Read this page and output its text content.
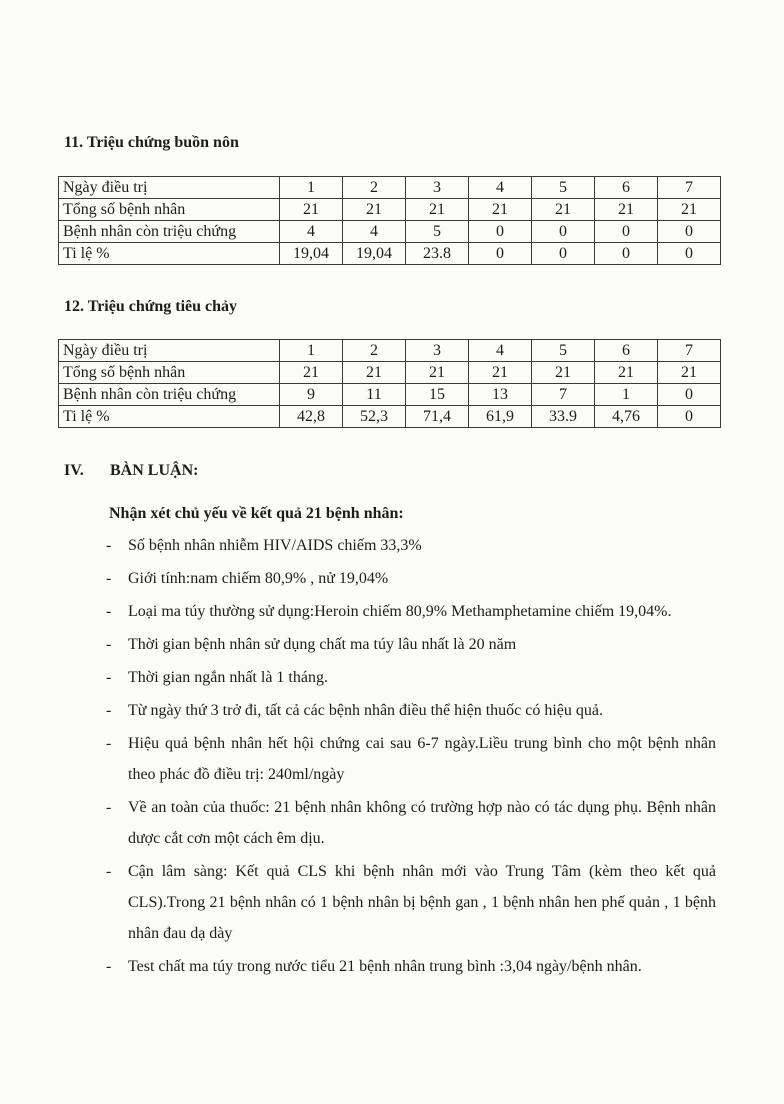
11. Triệu chứng buồn nôn
Ngày điều trị	1	2	3	4	5	6	7
Tổng số bệnh nhân	21	21	21	21	21	21	21
Bệnh nhân còn triệu chứng	4	4	5	0	0	0	0
Ti lệ %	19,04	19,04	23.8	0	0	0	0
12. Triệu chứng tiêu chảy
Ngày điều trị	1	2	3	4	5	6	7
Tổng số bệnh nhân	21	21	21	21	21	21	21
Bệnh nhân còn triệu chứng	9	11	15	13	7	1	0
Ti lệ %	42,8	52,3	71,4	61,9	33.9	4,76	0
IV. BÀN LUẬN:
Nhận xét chủ yếu về kết quả 21 bệnh nhân:
- Số bệnh nhân nhiễm HIV/AIDS chiếm 33,3%
- Giới tính:nam chiếm 80,9% , nử 19,04%
- Loại ma túy thường sử dụng:Heroin chiếm 80,9% Methamphetamine chiếm 19,04%.
- Thời gian bệnh nhân sử dụng chất ma túy lâu nhất là 20 năm
- Thời gian ngắn nhất là 1 tháng.
- Từ ngày thứ 3 trở đi, tất cả các bệnh nhân điều thể hiện thuốc có hiệu quả.
- Hiệu quả bệnh nhân hết hội chứng cai sau 6-7 ngày.Liều trung bình cho một bệnh nhân theo phác đồ điều trị: 240ml/ngày
- Về an toàn của thuốc: 21 bệnh nhân không có trường hợp nào có tác dụng phụ. Bệnh nhân dược cắt cơn một cách êm dịu.
- Cận lâm sàng: Kết quả CLS khi bệnh nhân mới vào Trung Tâm (kèm theo kết quả CLS).Trong 21 bệnh nhân có 1 bệnh nhân bị bệnh gan , 1 bệnh nhân hen phế quản , 1 bệnh nhân đau dạ dày
- Test chất ma túy trong nước tiểu 21 bệnh nhân trung bình :3,04 ngày/bệnh nhân.
